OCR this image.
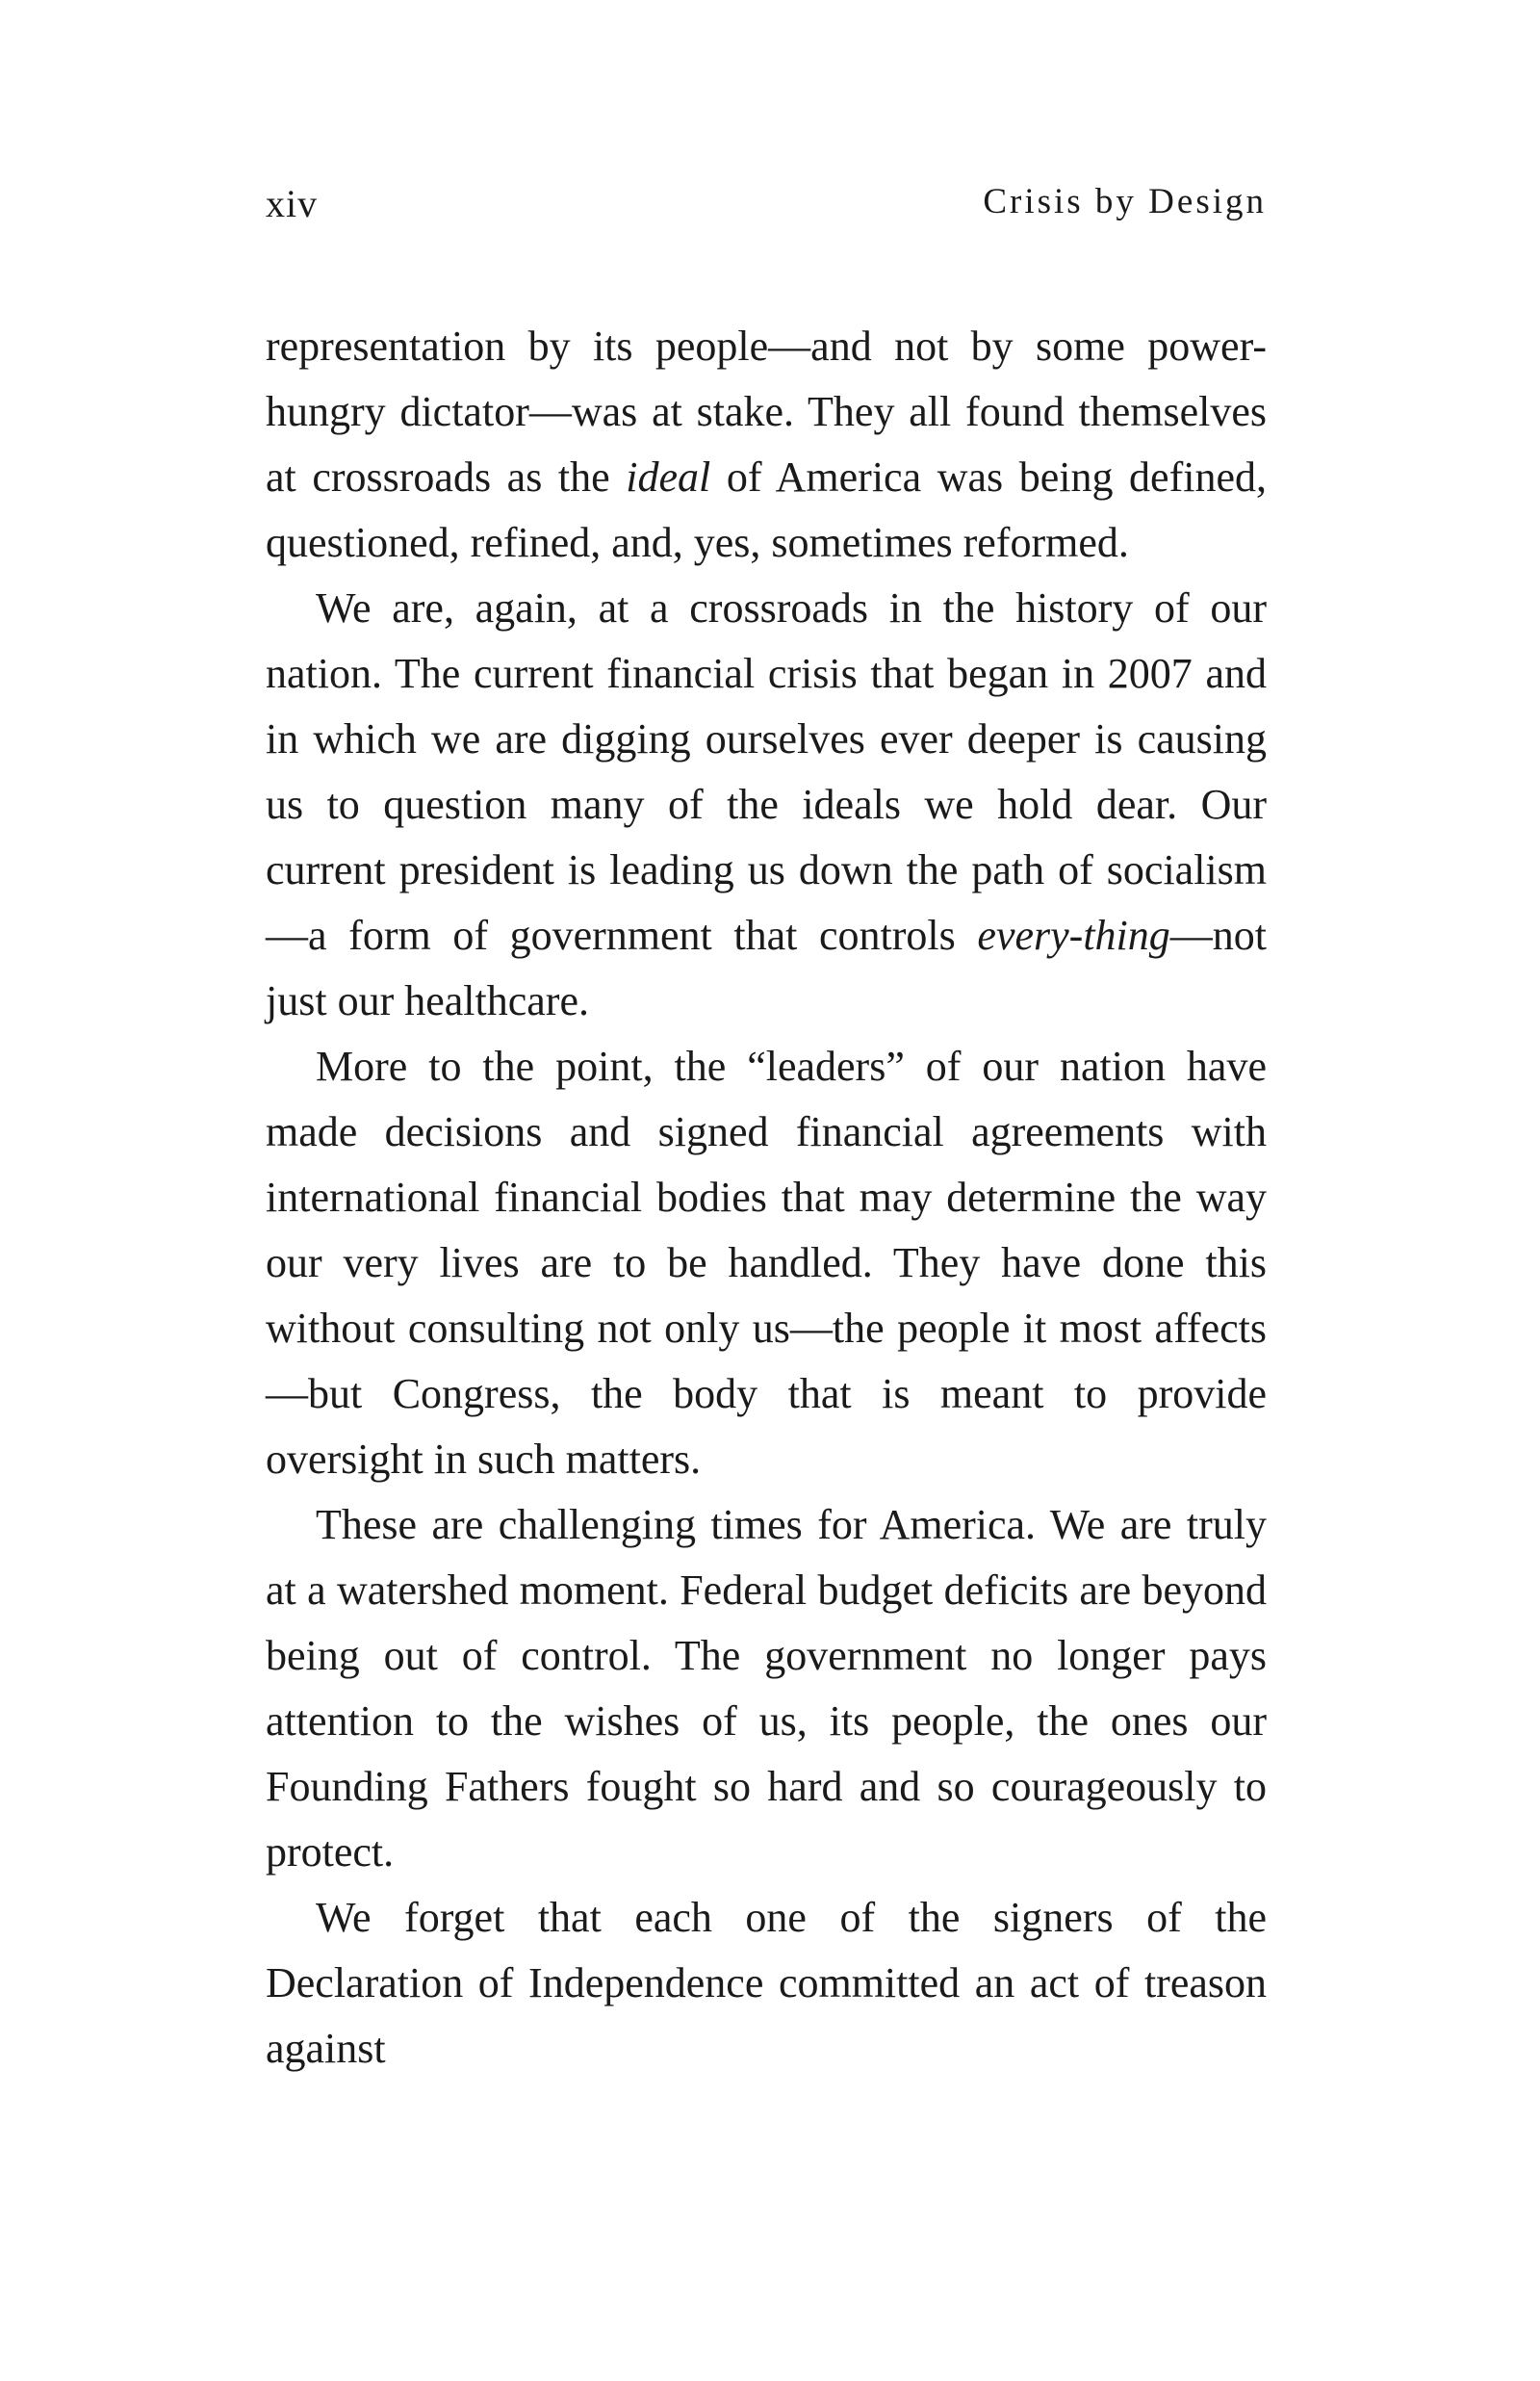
xiv	Crisis by Design

representation by its people—and not by some power-hungry dictator—was at stake. They all found themselves at crossroads as the ideal of America was being defined, questioned, refined, and, yes, sometimes reformed.

We are, again, at a crossroads in the history of our nation. The current financial crisis that began in 2007 and in which we are digging ourselves ever deeper is causing us to question many of the ideals we hold dear. Our current president is leading us down the path of socialism—a form of government that controls every-thing—not just our healthcare.

More to the point, the “leaders” of our nation have made decisions and signed financial agreements with international financial bodies that may determine the way our very lives are to be handled. They have done this without consulting not only us—the people it most affects—but Congress, the body that is meant to provide oversight in such matters.

These are challenging times for America. We are truly at a watershed moment. Federal budget deficits are beyond being out of control. The government no longer pays attention to the wishes of us, its people, the ones our Founding Fathers fought so hard and so courageously to protect.

We forget that each one of the signers of the Declaration of Independence committed an act of treason against
